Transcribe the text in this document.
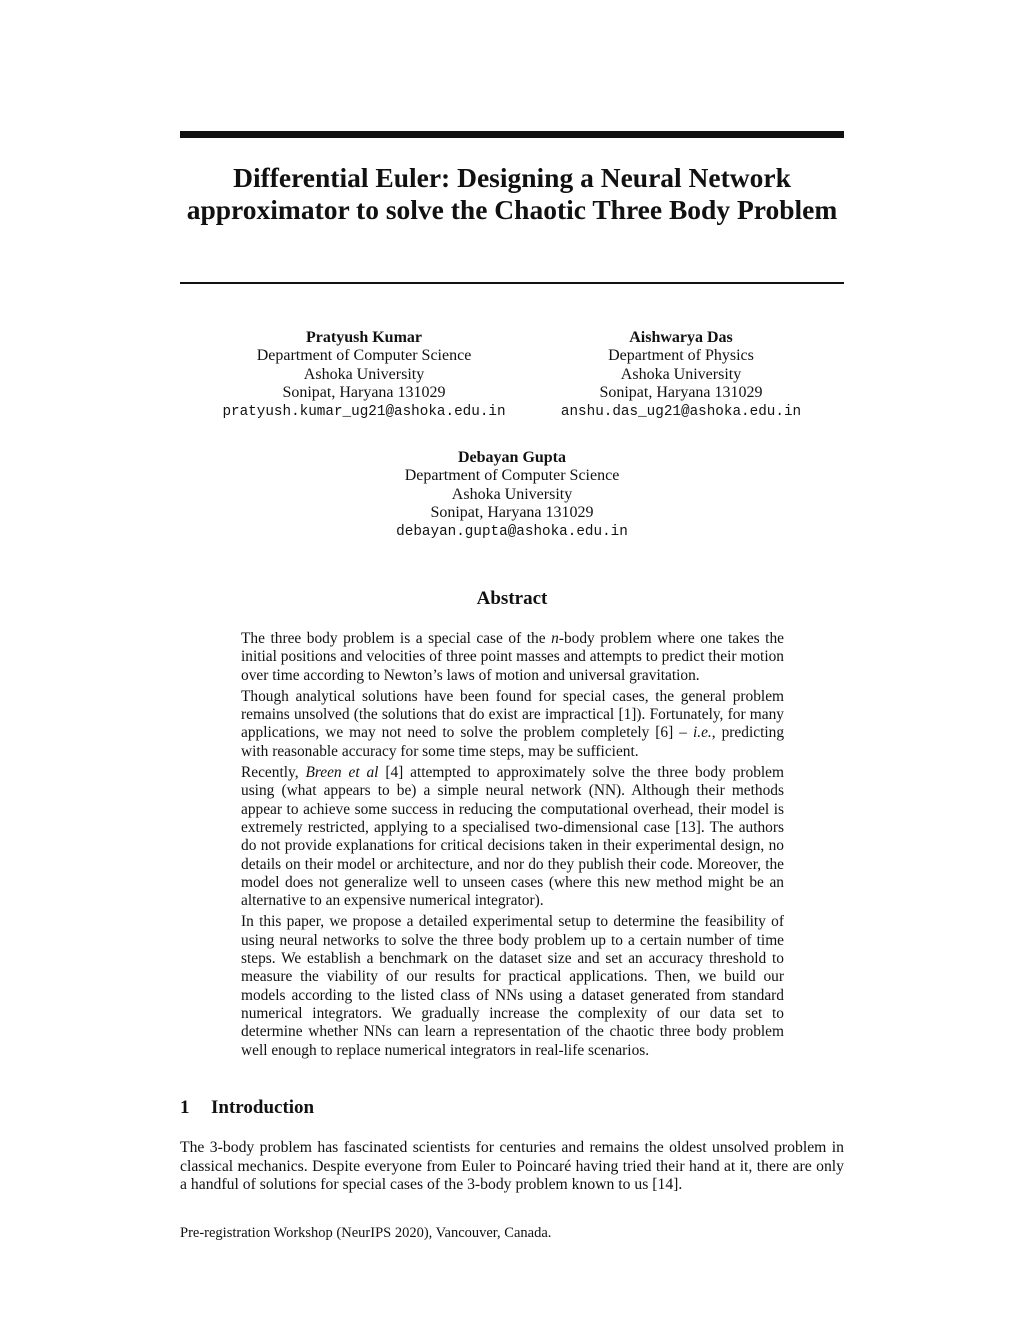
Differential Euler: Designing a Neural Network approximator to solve the Chaotic Three Body Problem
Pratyush Kumar
Department of Computer Science
Ashoka University
Sonipat, Haryana 131029
pratyush.kumar_ug21@ashoka.edu.in
Aishwarya Das
Department of Physics
Ashoka University
Sonipat, Haryana 131029
anshu.das_ug21@ashoka.edu.in
Debayan Gupta
Department of Computer Science
Ashoka University
Sonipat, Haryana 131029
debayan.gupta@ashoka.edu.in
Abstract

The three body problem is a special case of the n-body problem where one takes the initial positions and velocities of three point masses and attempts to predict their motion over time according to Newton’s laws of motion and universal gravitation.

Though analytical solutions have been found for special cases, the general problem remains unsolved (the solutions that do exist are impractical [1]). Fortunately, for many applications, we may not need to solve the problem completely [6] – i.e., predicting with reasonable accuracy for some time steps, may be sufficient.

Recently, Breen et al [4] attempted to approximately solve the three body problem using (what appears to be) a simple neural network (NN). Although their methods appear to achieve some success in reducing the computational overhead, their model is extremely restricted, applying to a specialised two-dimensional case [13]. The authors do not provide explanations for critical decisions taken in their experimental design, no details on their model or architecture, and nor do they publish their code. Moreover, the model does not generalize well to unseen cases (where this new method might be an alternative to an expensive numerical integrator).

In this paper, we propose a detailed experimental setup to determine the feasibility of using neural networks to solve the three body problem up to a certain number of time steps. We establish a benchmark on the dataset size and set an accuracy threshold to measure the viability of our results for practical applications. Then, we build our models according to the listed class of NNs using a dataset generated from standard numerical integrators. We gradually increase the complexity of our data set to determine whether NNs can learn a representation of the chaotic three body problem well enough to replace numerical integrators in real-life scenarios.

1 Introduction

The 3-body problem has fascinated scientists for centuries and remains the oldest unsolved problem in classical mechanics. Despite everyone from Euler to Poincaré having tried their hand at it, there are only a handful of solutions for special cases of the 3-body problem known to us [14].

Pre-registration Workshop (NeurIPS 2020), Vancouver, Canada.
